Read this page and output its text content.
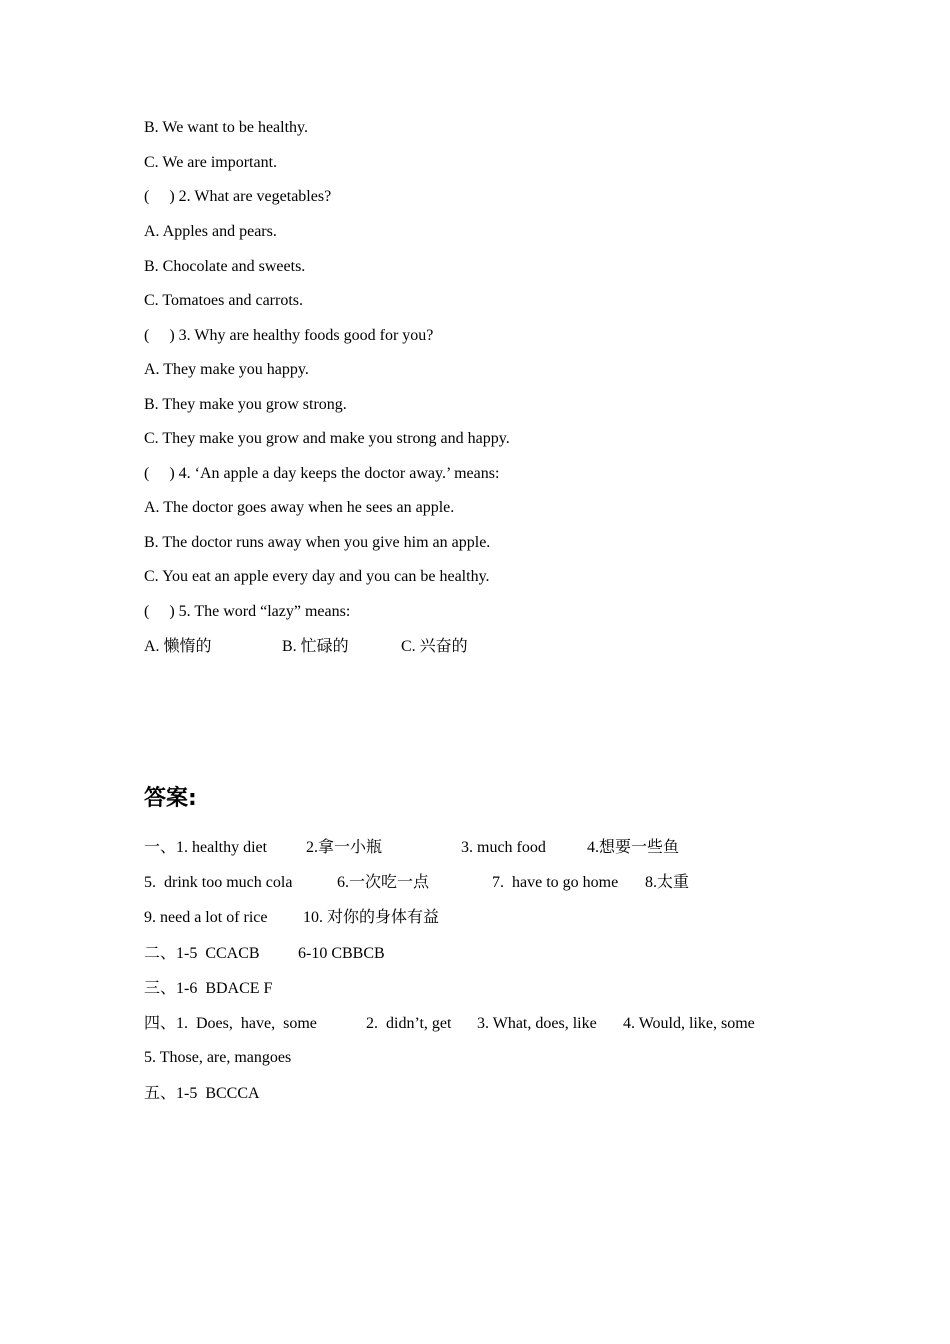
B. We want to be healthy.
C. We are important.
(     ) 2. What are vegetables?
A. Apples and pears.
B. Chocolate and sweets.
C. Tomatoes and carrots.
(     ) 3. Why are healthy foods good for you?
A. They make you happy.
B. They make you grow strong.
C. They make you grow and make you strong and happy.
(     ) 4. ‘An apple a day keeps the doctor away.’ means:
A. The doctor goes away when he sees an apple.
B. The doctor runs away when you give him an apple.
C. You eat an apple every day and you can be healthy.
(     ) 5. The word “lazy” means:
A. 懒惰的	B. 忙碌的	C. 兴奋的
答案:
一、1. healthy diet 2.拿一小瓶	3. much food	4.想要一些鱼
5.  drink too much cola	6.一次吃一点	7.  have to go home 8.太重
9. need a lot of rice 10. 对你的身体有益
二、1-5  CCACB 6-10 CBBCB
三、1-6  BDACE F
四、1.  Does,  have,  some	2.  didn’t, get 3. What, does, like 4. Would, like, some
5. Those, are, mangoes
五、1-5  BCCCA
